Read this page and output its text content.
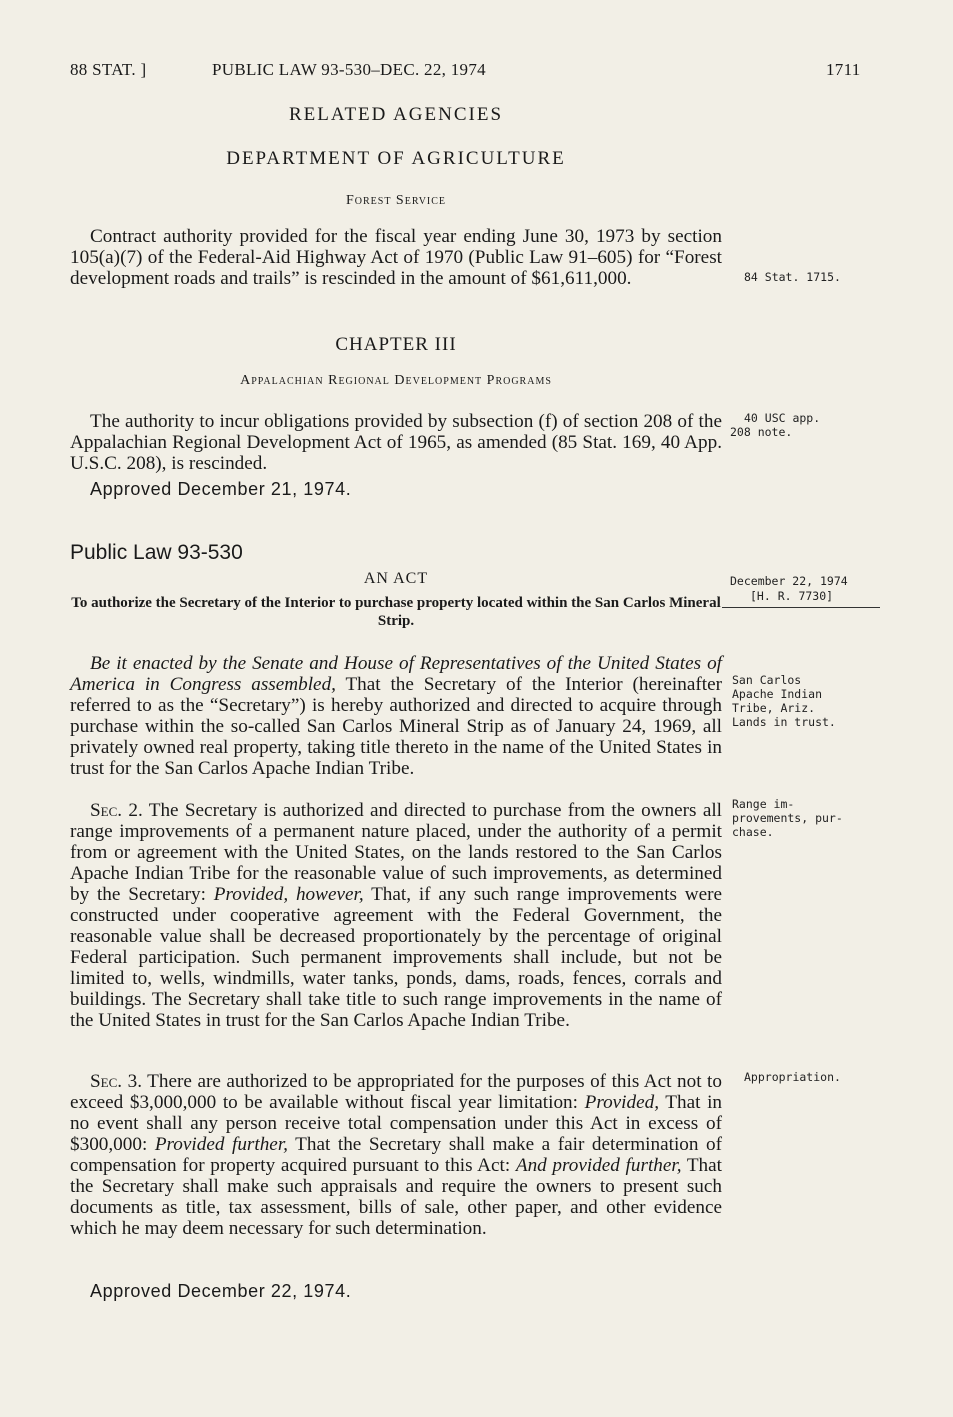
88 STAT. ]	PUBLIC LAW 93-530–DEC. 22, 1974	1711
RELATED AGENCIES
DEPARTMENT OF AGRICULTURE
Forest Service
Contract authority provided for the fiscal year ending June 30, 1973 by section 105(a)(7) of the Federal-Aid Highway Act of 1970 (Public Law 91–605) for “Forest development roads and trails” is rescinded in the amount of $61,611,000.
CHAPTER III
Appalachian Regional Development Programs
The authority to incur obligations provided by subsection (f) of section 208 of the Appalachian Regional Development Act of 1965, as amended (85 Stat. 169, 40 App. U.S.C. 208), is rescinded.
Approved December 21, 1974.
Public Law 93-530
AN ACT
To authorize the Secretary of the Interior to purchase property located within the San Carlos Mineral Strip.
Be it enacted by the Senate and House of Representatives of the United States of America in Congress assembled, That the Secretary of the Interior (hereinafter referred to as the “Secretary”) is hereby authorized and directed to acquire through purchase within the so-called San Carlos Mineral Strip as of January 24, 1969, all privately owned real property, taking title thereto in the name of the United States in trust for the San Carlos Apache Indian Tribe.
Sec. 2. The Secretary is authorized and directed to purchase from the owners all range improvements of a permanent nature placed, under the authority of a permit from or agreement with the United States, on the lands restored to the San Carlos Apache Indian Tribe for the reasonable value of such improvements, as determined by the Secretary: Provided, however, That, if any such range improvements were constructed under cooperative agreement with the Federal Government, the reasonable value shall be decreased proportionately by the percentage of original Federal participation. Such permanent improvements shall include, but not be limited to, wells, windmills, water tanks, ponds, dams, roads, fences, corrals and buildings. The Secretary shall take title to such range improvements in the name of the United States in trust for the San Carlos Apache Indian Tribe.
Sec. 3. There are authorized to be appropriated for the purposes of this Act not to exceed $3,000,000 to be available without fiscal year limitation: Provided, That in no event shall any person receive total compensation under this Act in excess of $300,000: Provided further, That the Secretary shall make a fair determination of compensation for property acquired pursuant to this Act: And provided further, That the Secretary shall make such appraisals and require the owners to present such documents as title, tax assessment, bills of sale, other paper, and other evidence which he may deem necessary for such determination.
Approved December 22, 1974.
84 Stat. 1715.
40 USC app.
208 note.
December 22, 1974
[H. R. 7730]
San Carlos
Apache Indian
Tribe, Ariz.
Lands in trust.
Range im-
provements, pur-
chase.
Appropriation.
